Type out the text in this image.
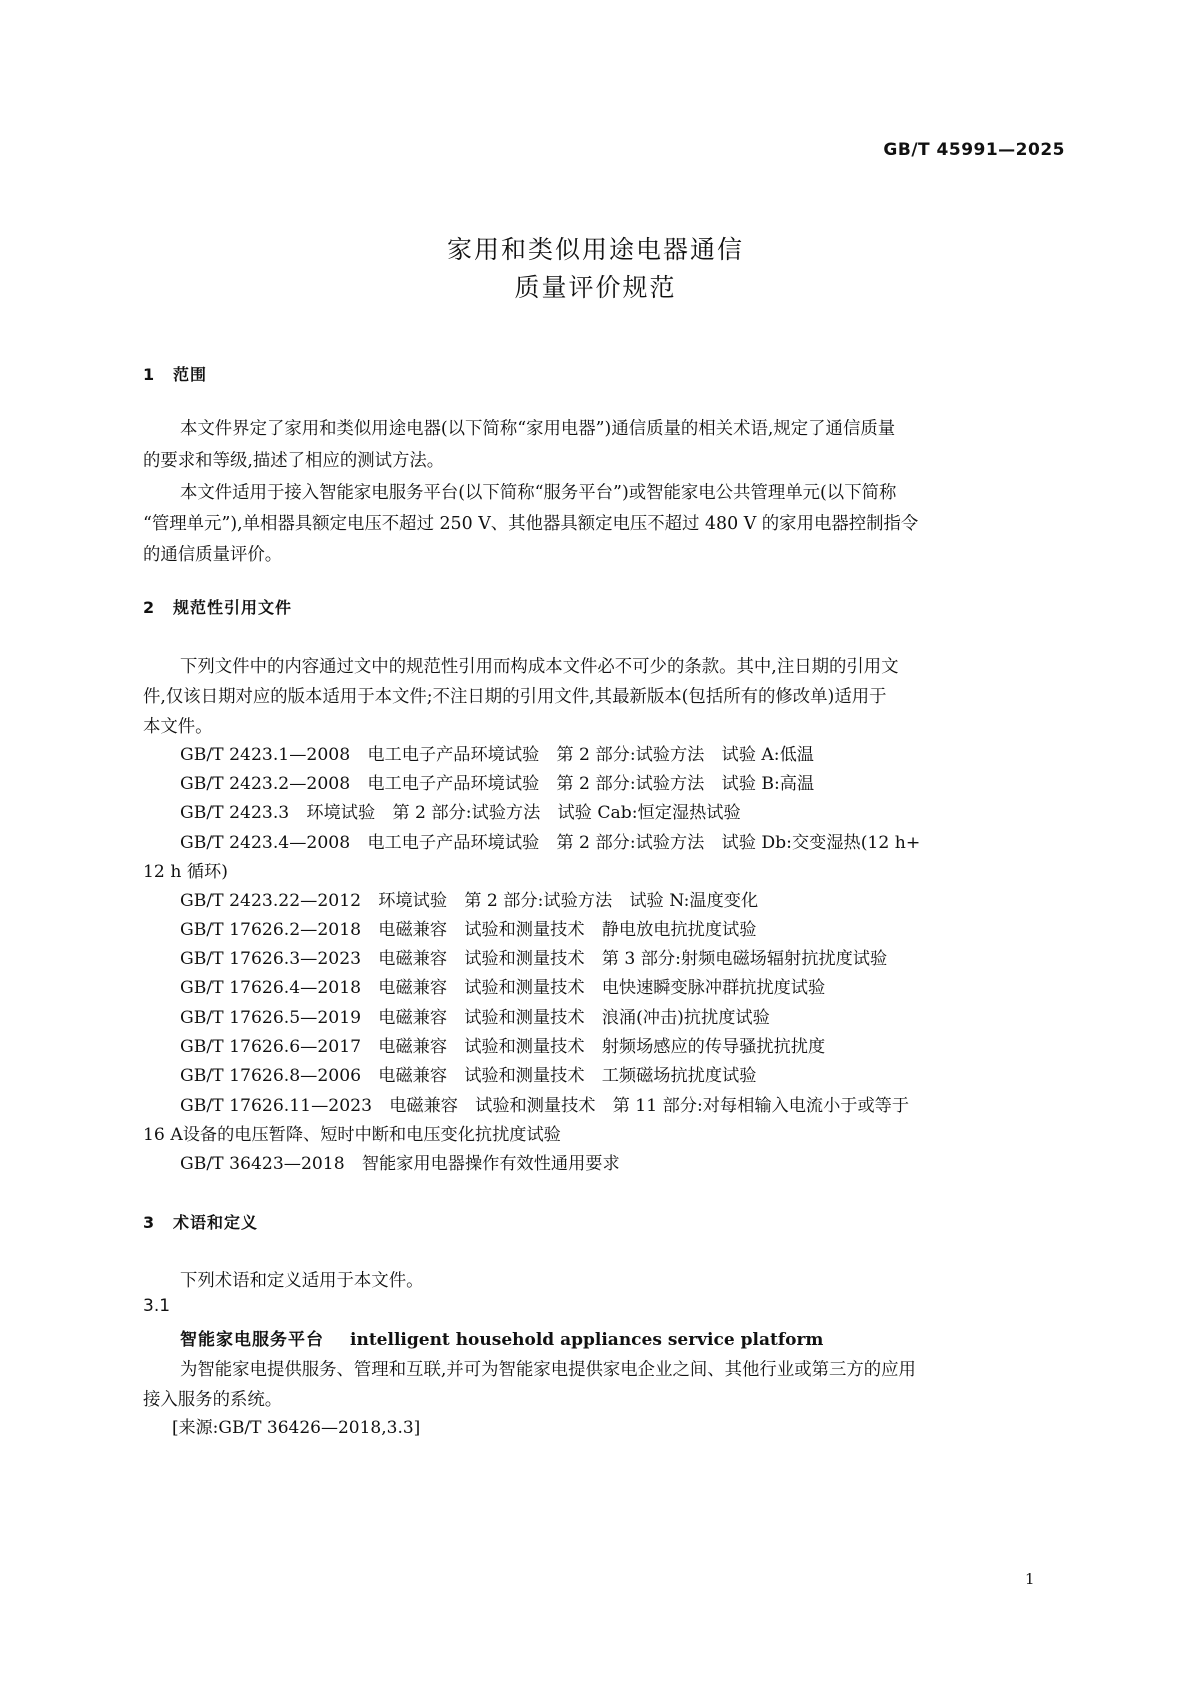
GB/T 45991—2025
家用和类似用途电器通信
质量评价规范
1 范围
本文件界定了家用和类似用途电器(以下简称“家用电器”)通信质量的相关术语,规定了通信质量
的要求和等级,描述了相应的测试方法。
本文件适用于接入智能家电服务平台(以下简称“服务平台”)或智能家电公共管理单元(以下简称
“管理单元”),单相器具额定电压不超过 250 V、其他器具额定电压不超过 480 V 的家用电器控制指令
的通信质量评价。
2 规范性引用文件
下列文件中的内容通过文中的规范性引用而构成本文件必不可少的条款。其中,注日期的引用文
件,仅该日期对应的版本适用于本文件;不注日期的引用文件,其最新版本(包括所有的修改单)适用于
本文件。
GB/T 2423.1—2008　电工电子产品环境试验　第 2 部分:试验方法　试验 A:低温
GB/T 2423.2—2008　电工电子产品环境试验　第 2 部分:试验方法　试验 B:高温
GB/T 2423.3　环境试验　第 2 部分:试验方法　试验 Cab:恒定湿热试验
GB/T 2423.4—2008　电工电子产品环境试验　第 2 部分:试验方法　试验 Db:交变湿热(12 h+
12 h 循环)
GB/T 2423.22—2012　环境试验　第 2 部分:试验方法　试验 N:温度变化
GB/T 17626.2—2018　电磁兼容　试验和测量技术　静电放电抗扰度试验
GB/T 17626.3—2023　电磁兼容　试验和测量技术　第 3 部分:射频电磁场辐射抗扰度试验
GB/T 17626.4—2018　电磁兼容　试验和测量技术　电快速瞬变脉冲群抗扰度试验
GB/T 17626.5—2019　电磁兼容　试验和测量技术　浪涌(冲击)抗扰度试验
GB/T 17626.6—2017　电磁兼容　试验和测量技术　射频场感应的传导骚扰抗扰度
GB/T 17626.8—2006　电磁兼容　试验和测量技术　工频磁场抗扰度试验
GB/T 17626.11—2023　电磁兼容　试验和测量技术　第 11 部分:对每相输入电流小于或等于
16 A设备的电压暂降、短时中断和电压变化抗扰度试验
GB/T 36423—2018　智能家用电器操作有效性通用要求
3 术语和定义
下列术语和定义适用于本文件。
3.1
智能家电服务平台 intelligent household appliances service platform
为智能家电提供服务、管理和互联,并可为智能家电提供家电企业之间、其他行业或第三方的应用
接入服务的系统。
[来源:GB/T 36426—2018,3.3]
1
